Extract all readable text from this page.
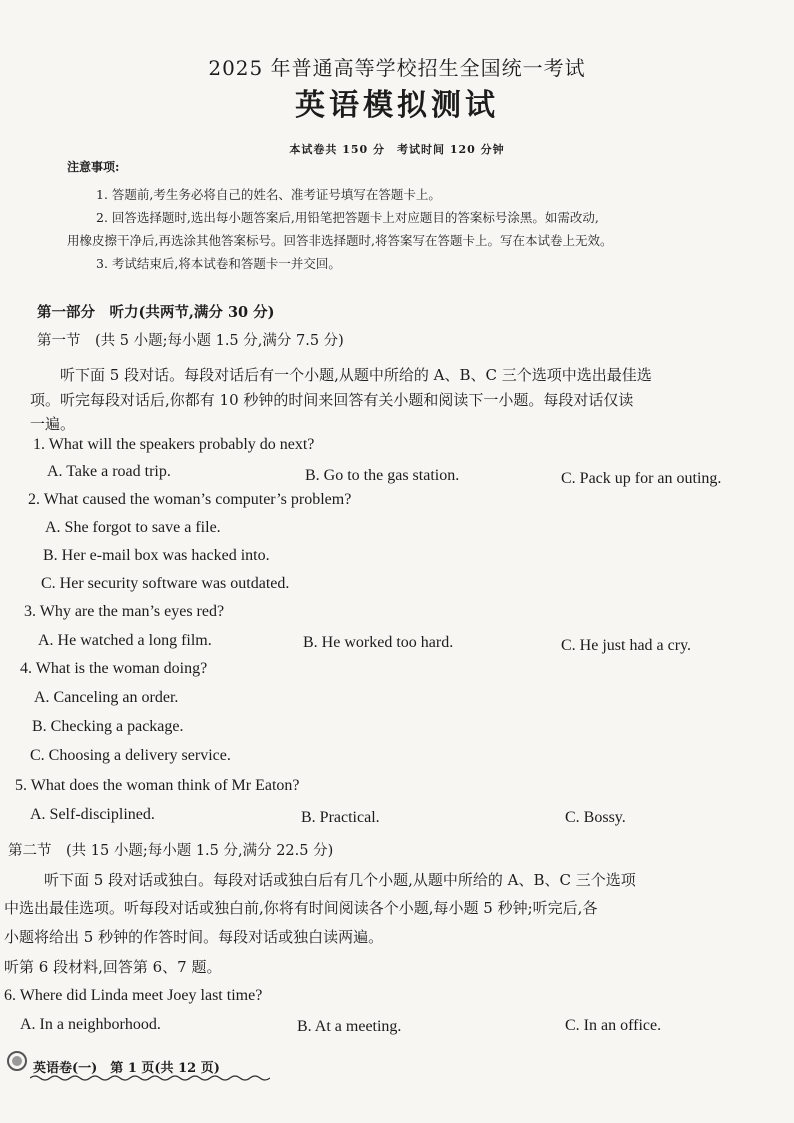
2025 年普通高等学校招生全国统一考试
英语模拟测试
本试卷共 150 分　考试时间 120 分钟
注意事项:
1. 答题前,考生务必将自己的姓名、准考证号填写在答题卡上。
2. 回答选择题时,选出每小题答案后,用铅笔把答题卡上对应题目的答案标号涂黑。如需改动,
用橡皮擦干净后,再选涂其他答案标号。回答非选择题时,将答案写在答题卡上。写在本试卷上无效。
3. 考试结束后,将本试卷和答题卡一并交回。
第一部分　听力(共两节,满分 30 分)
第一节　(共 5 小题;每小题 1.5 分,满分 7.5 分)
听下面 5 段对话。每段对话后有一个小题,从题中所给的 A、B、C 三个选项中选出最佳选
项。听完每段对话后,你都有 10 秒钟的时间来回答有关小题和阅读下一小题。每段对话仅读
一遍。
1. What will the speakers probably do next?
A. Take a road trip.	B. Go to the gas station.	C. Pack up for an outing.
2. What caused the woman’s computer’s problem?
A. She forgot to save a file.
B. Her e-mail box was hacked into.
C. Her security software was outdated.
3. Why are the man’s eyes red?
A. He watched a long film.	B. He worked too hard.	C. He just had a cry.
4. What is the woman doing?
A. Canceling an order.
B. Checking a package.
C. Choosing a delivery service.
5. What does the woman think of Mr Eaton?
A. Self-disciplined.	B. Practical.	C. Bossy.
第二节　(共 15 小题;每小题 1.5 分,满分 22.5 分)
听下面 5 段对话或独白。每段对话或独白后有几个小题,从题中所给的 A、B、C 三个选项
中选出最佳选项。听每段对话或独白前,你将有时间阅读各个小题,每小题 5 秒钟;听完后,各
小题将给出 5 秒钟的作答时间。每段对话或独白读两遍。
听第 6 段材料,回答第 6、7 题。
6. Where did Linda meet Joey last time?
A. In a neighborhood.	B. At a meeting.	C. In an office.
英语卷(一)　第 1 页(共 12 页)
